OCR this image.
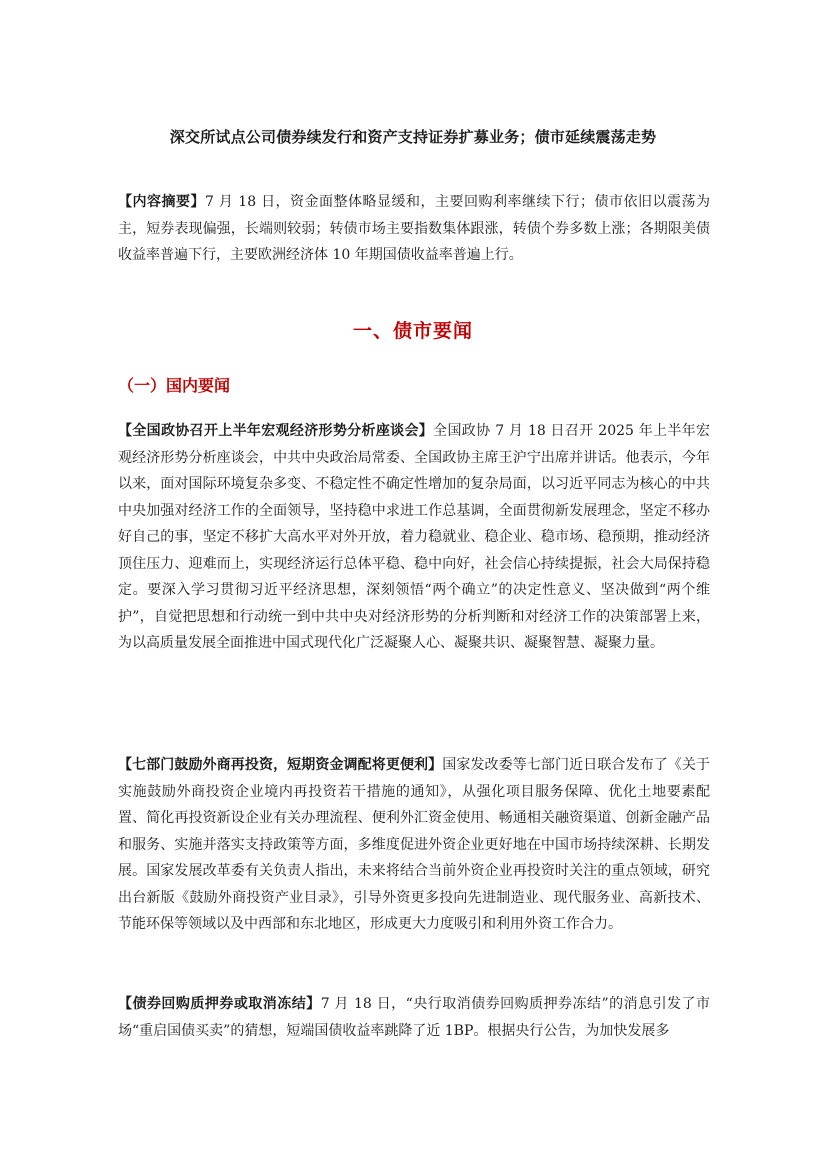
深交所试点公司债券续发行和资产支持证券扩募业务；债市延续震荡走势

【内容摘要】7 月 18 日，资金面整体略显缓和，主要回购利率继续下行；债市依旧以震荡为主，短券表现偏强，长端则较弱；转债市场主要指数集体跟涨，转债个券多数上涨；各期限美债收益率普遍下行，主要欧洲经济体 10 年期国债收益率普遍上行。

一、债市要闻
（一）国内要闻

【全国政协召开上半年宏观经济形势分析座谈会】全国政协 7 月 18 日召开 2025 年上半年宏观经济形势分析座谈会，中共中央政治局常委、全国政协主席王沪宁出席并讲话。他表示，今年以来，面对国际环境复杂多变、不稳定性不确定性增加的复杂局面，以习近平同志为核心的中共中央加强对经济工作的全面领导，坚持稳中求进工作总基调，全面贯彻新发展理念，坚定不移办好自己的事，坚定不移扩大高水平对外开放，着力稳就业、稳企业、稳市场、稳预期，推动经济顶住压力、迎难而上，实现经济运行总体平稳、稳中向好，社会信心持续提振，社会大局保持稳定。要深入学习贯彻习近平经济思想，深刻领悟“两个确立”的决定性意义、坚决做到“两个维护”，自觉把思想和行动统一到中共中央对经济形势的分析判断和对经济工作的决策部署上来，为以高质量发展全面推进中国式现代化广泛凝聚人心、凝聚共识、凝聚智慧、凝聚力量。

【七部门鼓励外商再投资，短期资金调配将更便利】国家发改委等七部门近日联合发布了《关于实施鼓励外商投资企业境内再投资若干措施的通知》，从强化项目服务保障、优化土地要素配置、简化再投资新设企业有关办理流程、便利外汇资金使用、畅通相关融资渠道、创新金融产品和服务、实施并落实支持政策等方面，多维度促进外资企业更好地在中国市场持续深耕、长期发展。国家发展改革委有关负责人指出，未来将结合当前外资企业再投资时关注的重点领域，研究出台新版《鼓励外商投资产业目录》，引导外资更多投向先进制造业、现代服务业、高新技术、节能环保等领域以及中西部和东北地区，形成更大力度吸引和利用外资工作合力。

【债券回购质押券或取消冻结】7 月 18 日，“央行取消债券回购质押券冻结”的消息引发了市场“重启国债买卖”的猜想，短端国债收益率跳降了近 1BP。根据央行公告，为加快发展多
